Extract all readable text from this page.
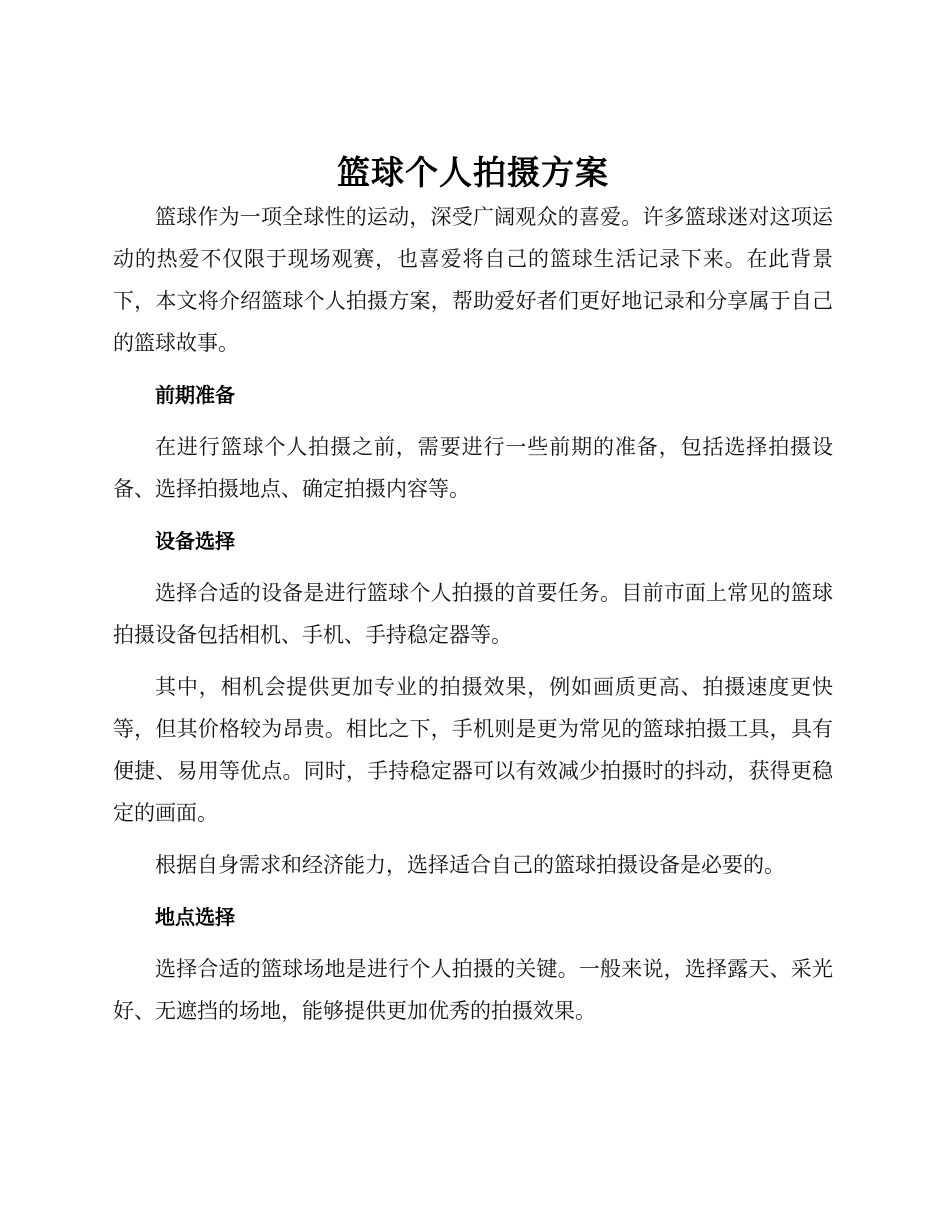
篮球个人拍摄方案

篮球作为一项全球性的运动，深受广阔观众的喜爱。许多篮球迷对这项运动的热爱不仅限于现场观赛，也喜爱将自己的篮球生活记录下来。在此背景下，本文将介绍篮球个人拍摄方案，帮助爱好者们更好地记录和分享属于自己的篮球故事。

前期准备

在进行篮球个人拍摄之前，需要进行一些前期的准备，包括选择拍摄设备、选择拍摄地点、确定拍摄内容等。

设备选择

选择合适的设备是进行篮球个人拍摄的首要任务。目前市面上常见的篮球拍摄设备包括相机、手机、手持稳定器等。

其中，相机会提供更加专业的拍摄效果，例如画质更高、拍摄速度更快等，但其价格较为昂贵。相比之下，手机则是更为常见的篮球拍摄工具，具有便捷、易用等优点。同时，手持稳定器可以有效减少拍摄时的抖动，获得更稳定的画面。

根据自身需求和经济能力，选择适合自己的篮球拍摄设备是必要的。

地点选择

选择合适的篮球场地是进行个人拍摄的关键。一般来说，选择露天、采光好、无遮挡的场地，能够提供更加优秀的拍摄效果。
